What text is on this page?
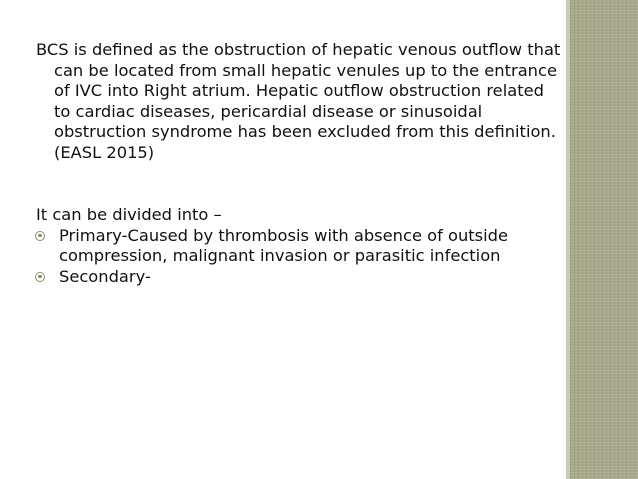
BCS is defined as the obstruction of hepatic venous outflow that can be located from small hepatic venules up to the entrance of IVC into Right atrium. Hepatic outflow obstruction related to cardiac diseases, pericardial disease or sinusoidal obstruction syndrome has been excluded from this definition.(EASL 2015)

It can be divided into –

Primary-Caused by thrombosis with absence of outside compression, malignant invasion or parasitic infection
Secondary-
